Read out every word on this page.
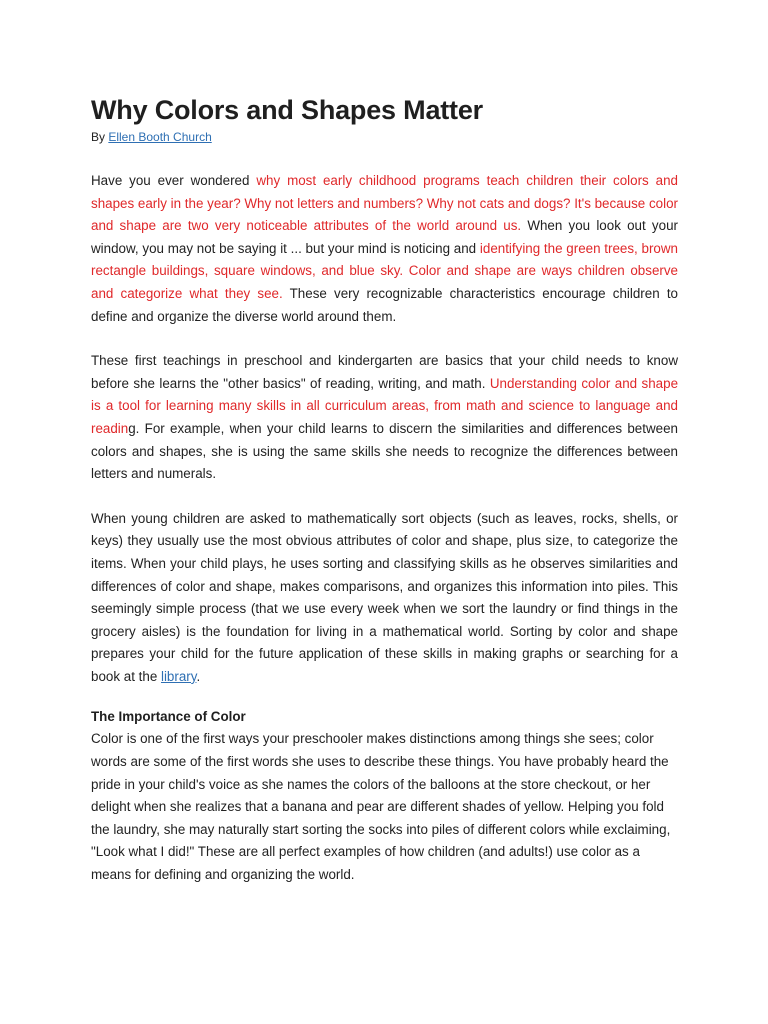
Why Colors and Shapes Matter
By Ellen Booth Church

Have you ever wondered why most early childhood programs teach children their colors and shapes early in the year? Why not letters and numbers? Why not cats and dogs? It's because color and shape are two very noticeable attributes of the world around us. When you look out your window, you may not be saying it ... but your mind is noticing and identifying the green trees, brown rectangle buildings, square windows, and blue sky. Color and shape are ways children observe and categorize what they see. These very recognizable characteristics encourage children to define and organize the diverse world around them.

These first teachings in preschool and kindergarten are basics that your child needs to know before she learns the "other basics" of reading, writing, and math. Understanding color and shape is a tool for learning many skills in all curriculum areas, from math and science to language and reading. For example, when your child learns to discern the similarities and differences between colors and shapes, she is using the same skills she needs to recognize the differences between letters and numerals.

When young children are asked to mathematically sort objects (such as leaves, rocks, shells, or keys) they usually use the most obvious attributes of color and shape, plus size, to categorize the items. When your child plays, he uses sorting and classifying skills as he observes similarities and differences of color and shape, makes comparisons, and organizes this information into piles. This seemingly simple process (that we use every week when we sort the laundry or find things in the grocery aisles) is the foundation for living in a mathematical world. Sorting by color and shape prepares your child for the future application of these skills in making graphs or searching for a book at the library.

The Importance of Color

Color is one of the first ways your preschooler makes distinctions among things she sees; color words are some of the first words she uses to describe these things. You have probably heard the pride in your child's voice as she names the colors of the balloons at the store checkout, or her delight when she realizes that a banana and pear are different shades of yellow. Helping you fold the laundry, she may naturally start sorting the socks into piles of different colors while exclaiming, "Look what I did!" These are all perfect examples of how children (and adults!) use color as a means for defining and organizing the world.
